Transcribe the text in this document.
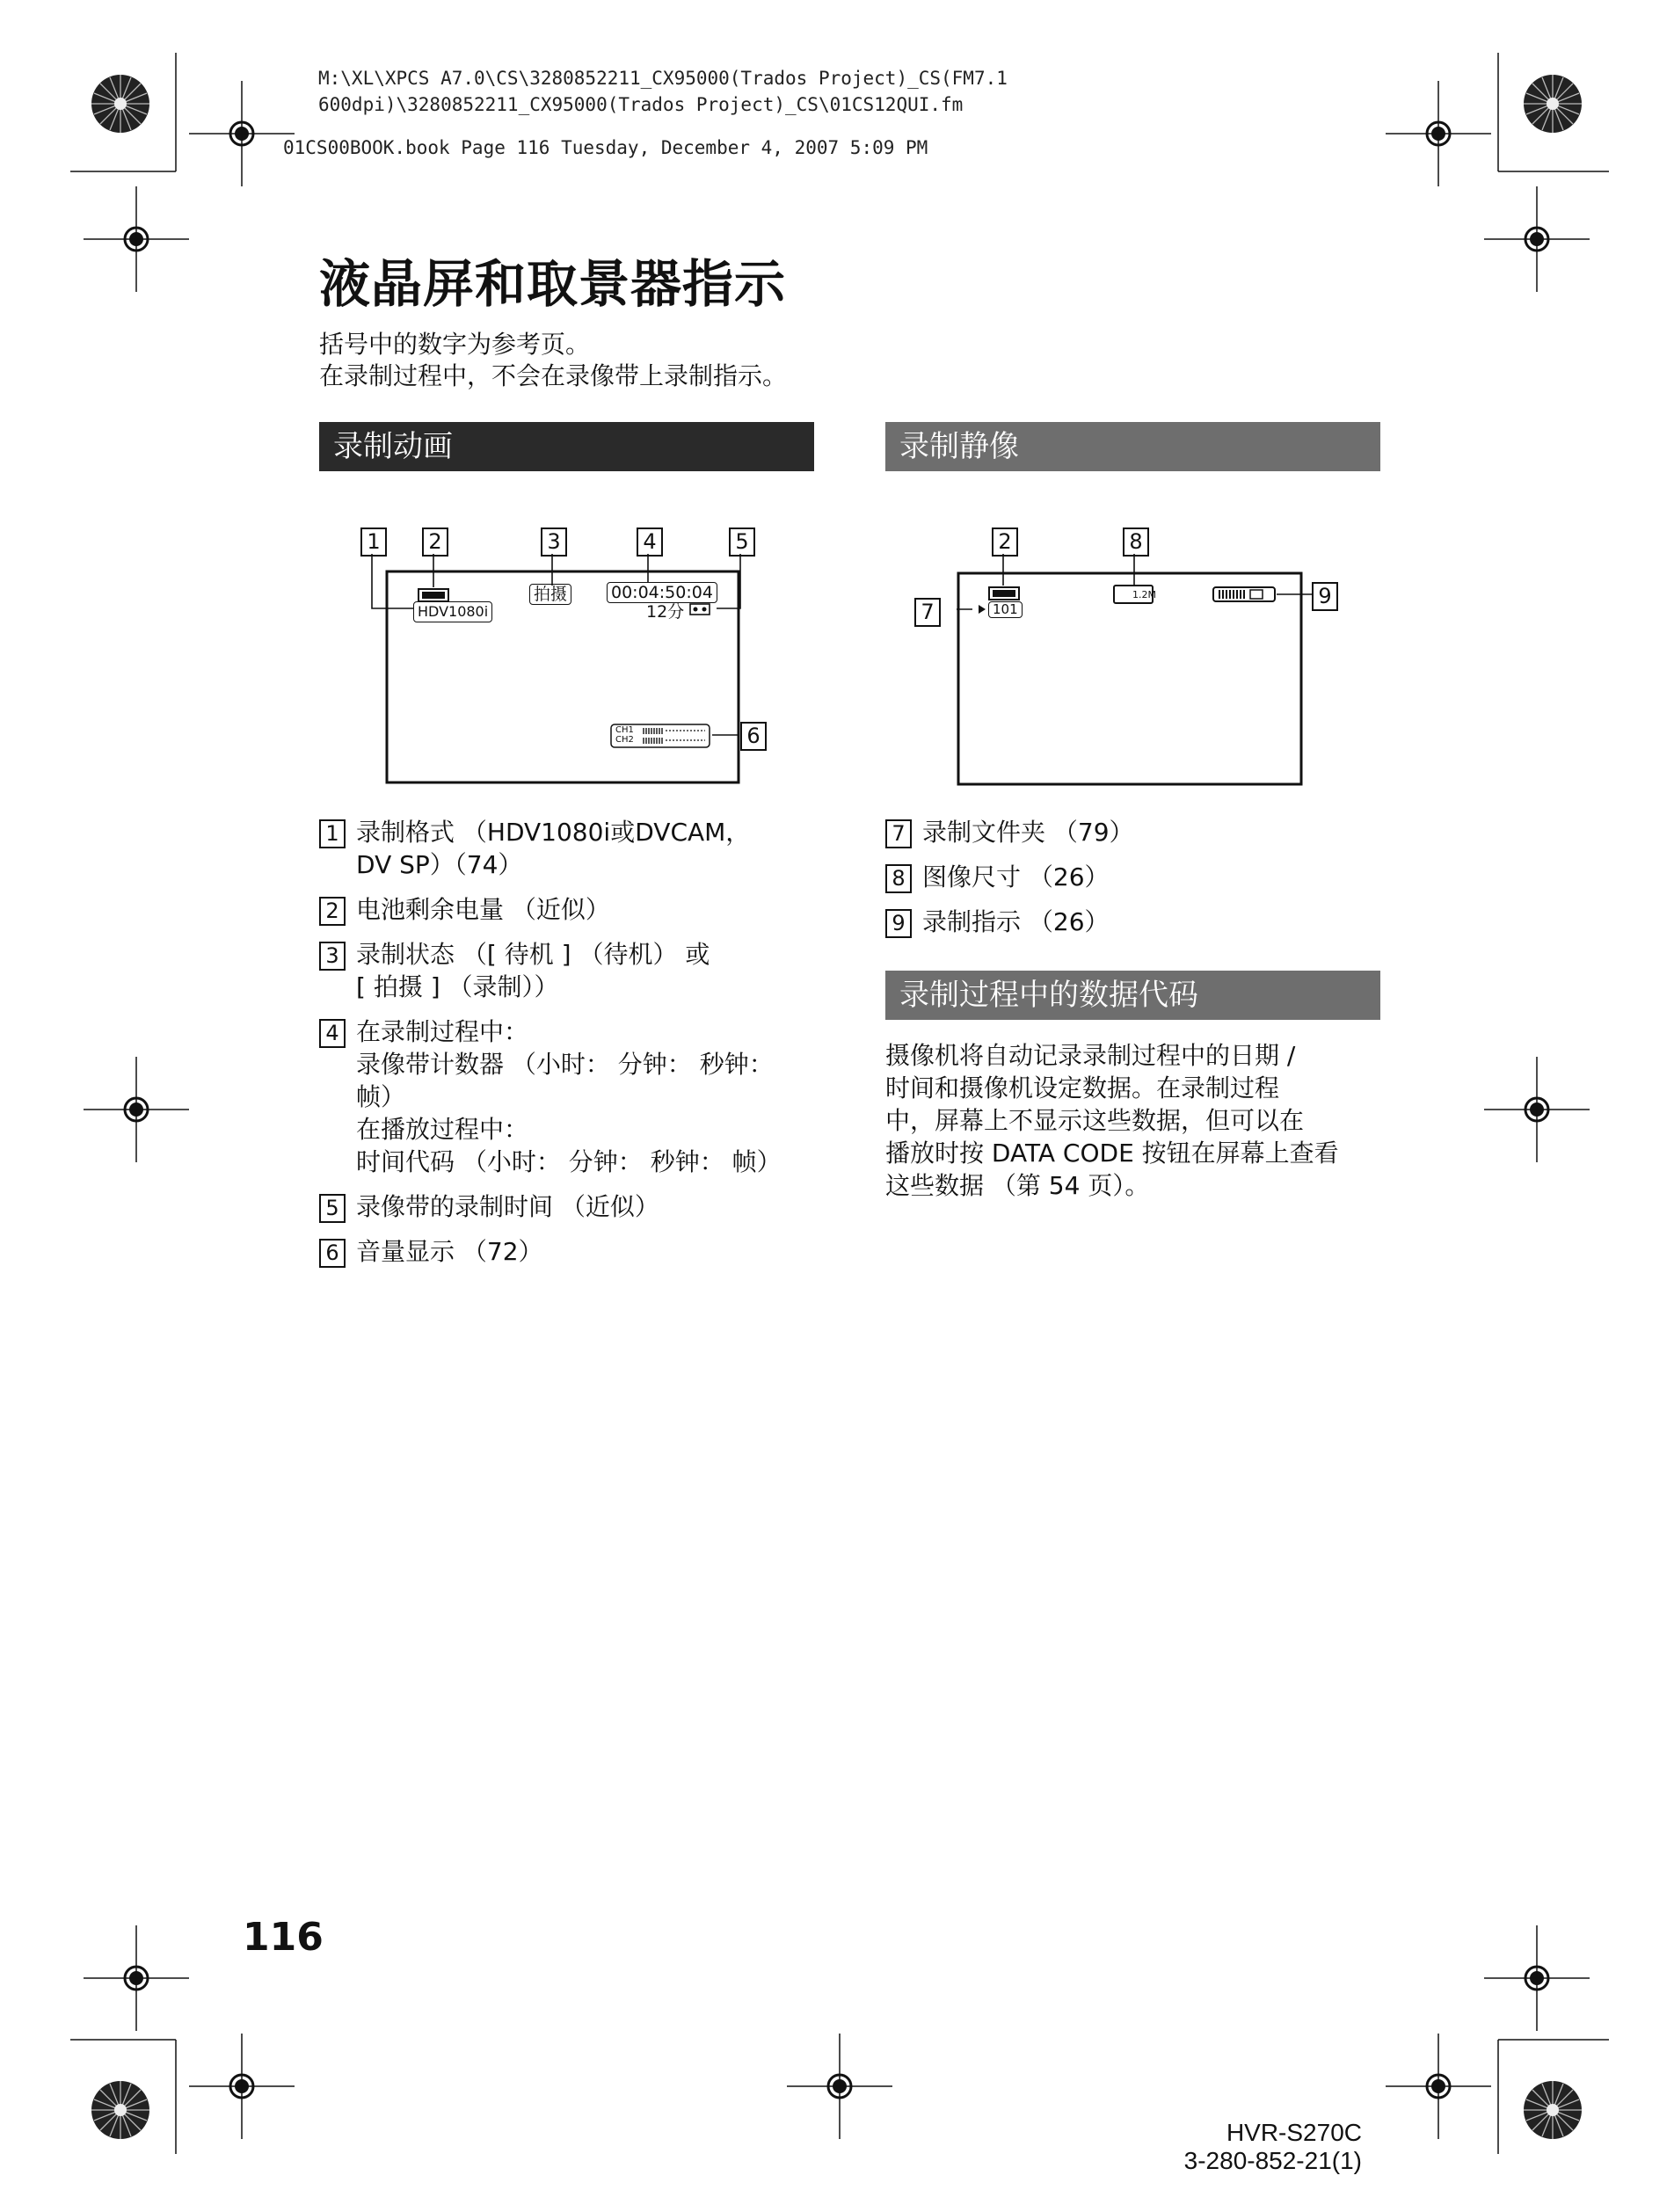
M:\XL\XPCS A7.0\CS\3280852211_CX95000(Trados Project)_CS(FM7.1
600dpi)\3280852211_CX95000(Trados Project)_CS\01CS12QUI.fm
01CS00BOOK.book Page 116 Tuesday, December 4, 2007 5:09 PM
液晶屏和取景器指示
括号中的数字为参考页。
在录制过程中，不会在录像带上录制指示。
录制动画	录制静像
1	2	3	4	5
6
HDV1080i
拍摄	00:04:50:04
12分
CH1
CH2
2	8
7
9
101
1.2M
1 录制格式 （HDV1080i或DVCAM，
DV SP）（74）
2 电池剩余电量 （近似）
3 录制状态 （[ 待机 ] （待机） 或
[ 拍摄 ] （录制））
4 在录制过程中：
录像带计数器 （小时： 分钟： 秒钟：
帧）
在播放过程中：
时间代码 （小时： 分钟： 秒钟： 帧）
5 录像带的录制时间 （近似）
6 音量显示 （72）
7 录制文件夹 （79）
8 图像尺寸 （26）
9 录制指示 （26）
录制过程中的数据代码
摄像机将自动记录录制过程中的日期 /
时间和摄像机设定数据。在录制过程
中，屏幕上不显示这些数据，但可以在
播放时按 DATA CODE 按钮在屏幕上查看
这些数据 （第 54 页）。
116
HVR-S270C
3-280-852-21(1)
